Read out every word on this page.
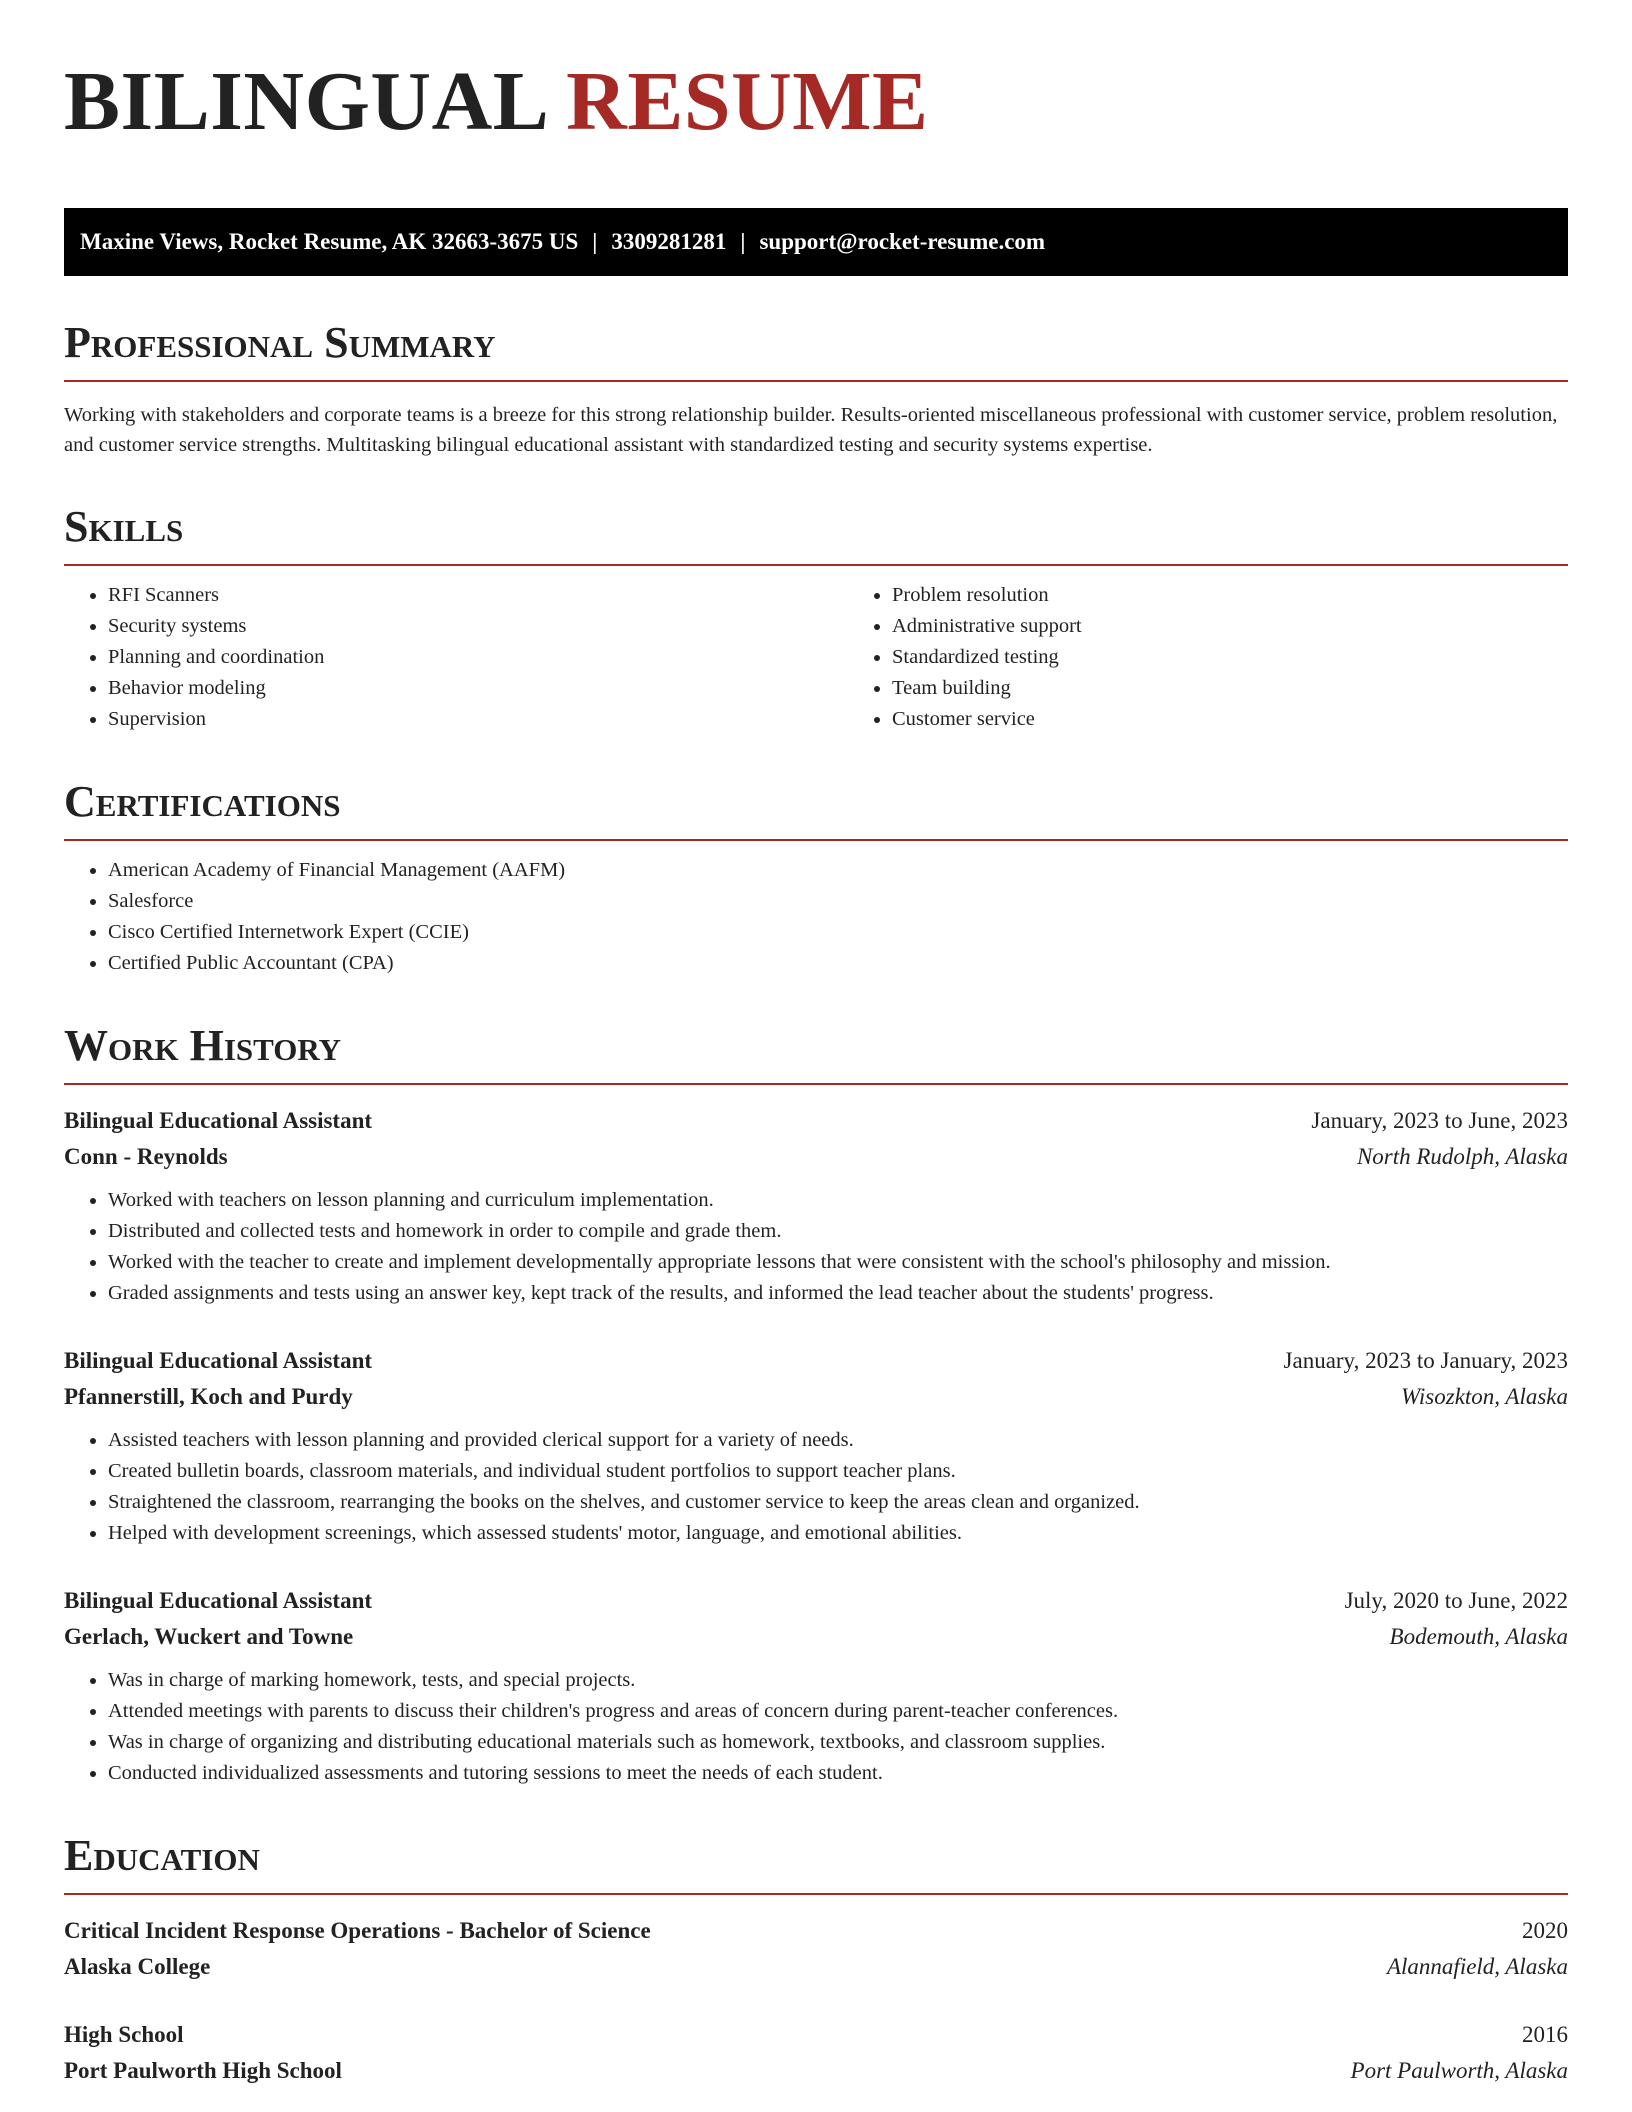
BILINGUAL RESUME
Maxine Views, Rocket Resume, AK 32663-3675 US | 3309281281 | support@rocket-resume.com
Professional Summary

Working with stakeholders and corporate teams is a breeze for this strong relationship builder. Results-oriented miscellaneous professional with customer service, problem resolution, and customer service strengths. Multitasking bilingual educational assistant with standardized testing and security systems expertise.

Skills
• RFI Scanners
• Security systems
• Planning and coordination
• Behavior modeling
• Supervision
• Problem resolution
• Administrative support
• Standardized testing
• Team building
• Customer service
Certifications
• American Academy of Financial Management (AAFM)
• Salesforce
• Cisco Certified Internetwork Expert (CCIE)
• Certified Public Accountant (CPA)
Work History
Bilingual Educational Assistant	January, 2023 to June, 2023
Conn - Reynolds	North Rudolph, Alaska
• Worked with teachers on lesson planning and curriculum implementation.
• Distributed and collected tests and homework in order to compile and grade them.
• Worked with the teacher to create and implement developmentally appropriate lessons that were consistent with the school's philosophy and mission.
• Graded assignments and tests using an answer key, kept track of the results, and informed the lead teacher about the students' progress.
Bilingual Educational Assistant	January, 2023 to January, 2023
Pfannerstill, Koch and Purdy	Wisozkton, Alaska
• Assisted teachers with lesson planning and provided clerical support for a variety of needs.
• Created bulletin boards, classroom materials, and individual student portfolios to support teacher plans.
• Straightened the classroom, rearranging the books on the shelves, and customer service to keep the areas clean and organized.
• Helped with development screenings, which assessed students' motor, language, and emotional abilities.
Bilingual Educational Assistant	July, 2020 to June, 2022
Gerlach, Wuckert and Towne	Bodemouth, Alaska
• Was in charge of marking homework, tests, and special projects.
• Attended meetings with parents to discuss their children's progress and areas of concern during parent-teacher conferences.
• Was in charge of organizing and distributing educational materials such as homework, textbooks, and classroom supplies.
• Conducted individualized assessments and tutoring sessions to meet the needs of each student.
Education
Critical Incident Response Operations - Bachelor of Science	2020
Alaska College	Alannafield, Alaska
High School	2016
Port Paulworth High School	Port Paulworth, Alaska
